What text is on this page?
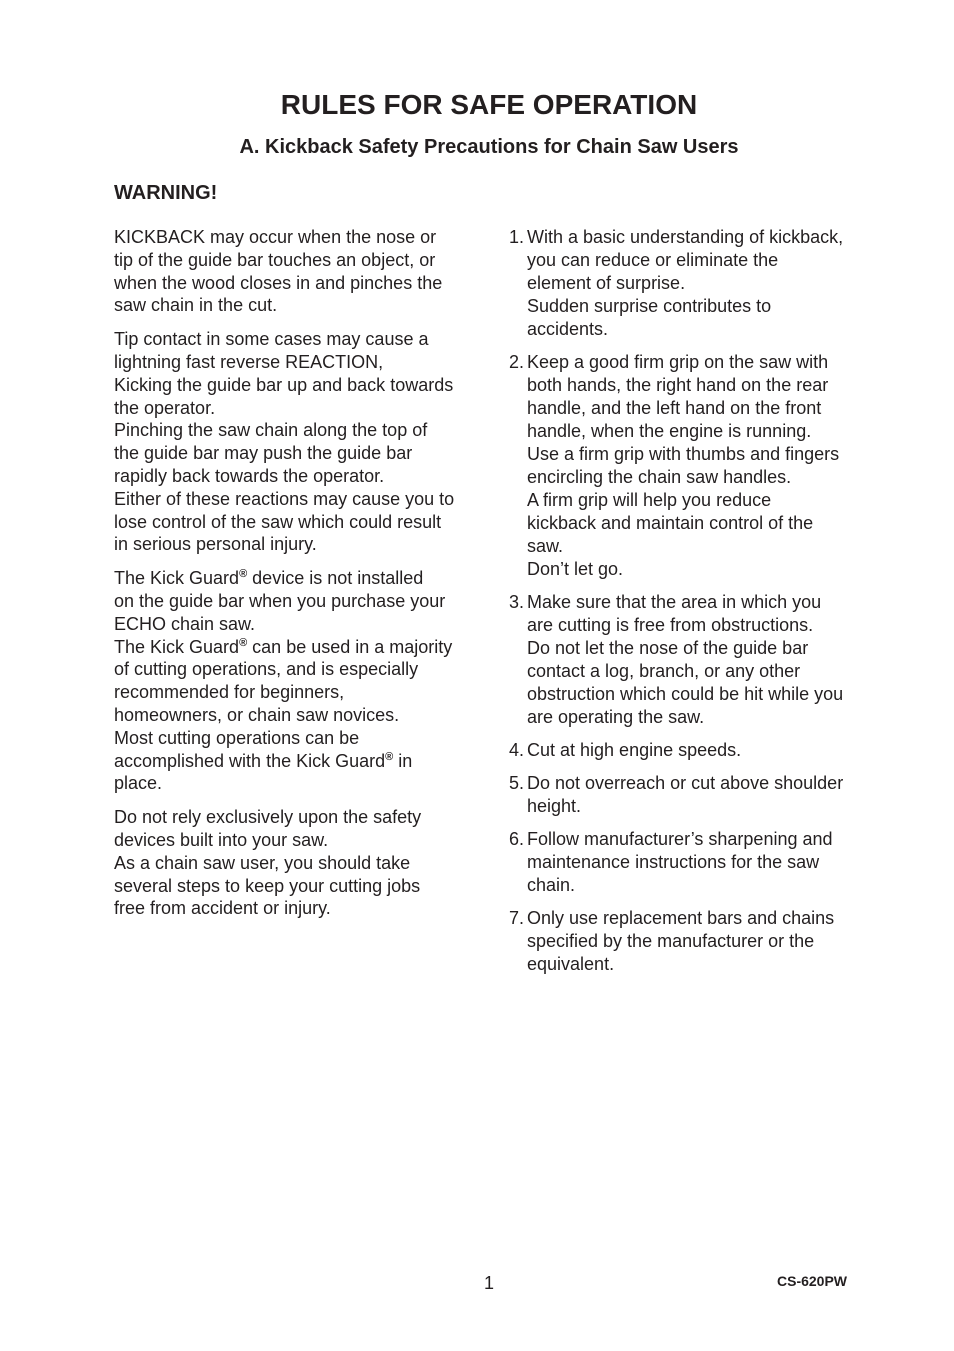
RULES FOR SAFE OPERATION
A. Kickback Safety Precautions for Chain Saw Users
WARNING!

KICKBACK may occur when the nose or
tip of the guide bar touches an object, or
when the wood closes in and pinches the
saw chain in the cut.

Tip contact in some cases may cause a
lightning fast reverse REACTION,
Kicking the guide bar up and back towards
the operator.
Pinching the saw chain along the top of
the guide bar may push the guide bar
rapidly back towards the operator.
Either of these reactions may cause you to
lose control of the saw which could result
in serious personal injury.

The Kick Guard® device is not installed
on the guide bar when you purchase your
ECHO chain saw.
The Kick Guard® can be used in a majority
of cutting operations, and is especially
recommended for beginners,
homeowners, or chain saw novices.
Most cutting operations can be
accomplished with the Kick Guard® in
place.

Do not rely exclusively upon the safety
devices built into your saw.
As a chain saw user, you should take
several steps to keep your cutting jobs
free from accident or injury.

1. With a basic understanding of kickback,
you can reduce or eliminate the
element of surprise.
Sudden surprise contributes to
accidents.
2. Keep a good firm grip on the saw with
both hands, the right hand on the rear
handle, and the left hand on the front
handle, when the engine is running.
Use a firm grip with thumbs and fingers
encircling the chain saw handles.
A firm grip will help you reduce
kickback and maintain control of the
saw.
Don’t let go.
3. Make sure that the area in which you
are cutting is free from obstructions.
Do not let the nose of the guide bar
contact a log, branch, or any other
obstruction which could be hit while you
are operating the saw.
4. Cut at high engine speeds.
5. Do not overreach or cut above shoulder
height.
6. Follow manufacturer’s sharpening and
maintenance instructions for the saw
chain.
7. Only use replacement bars and chains
specified by the manufacturer or the
equivalent.
1	CS-620PW
